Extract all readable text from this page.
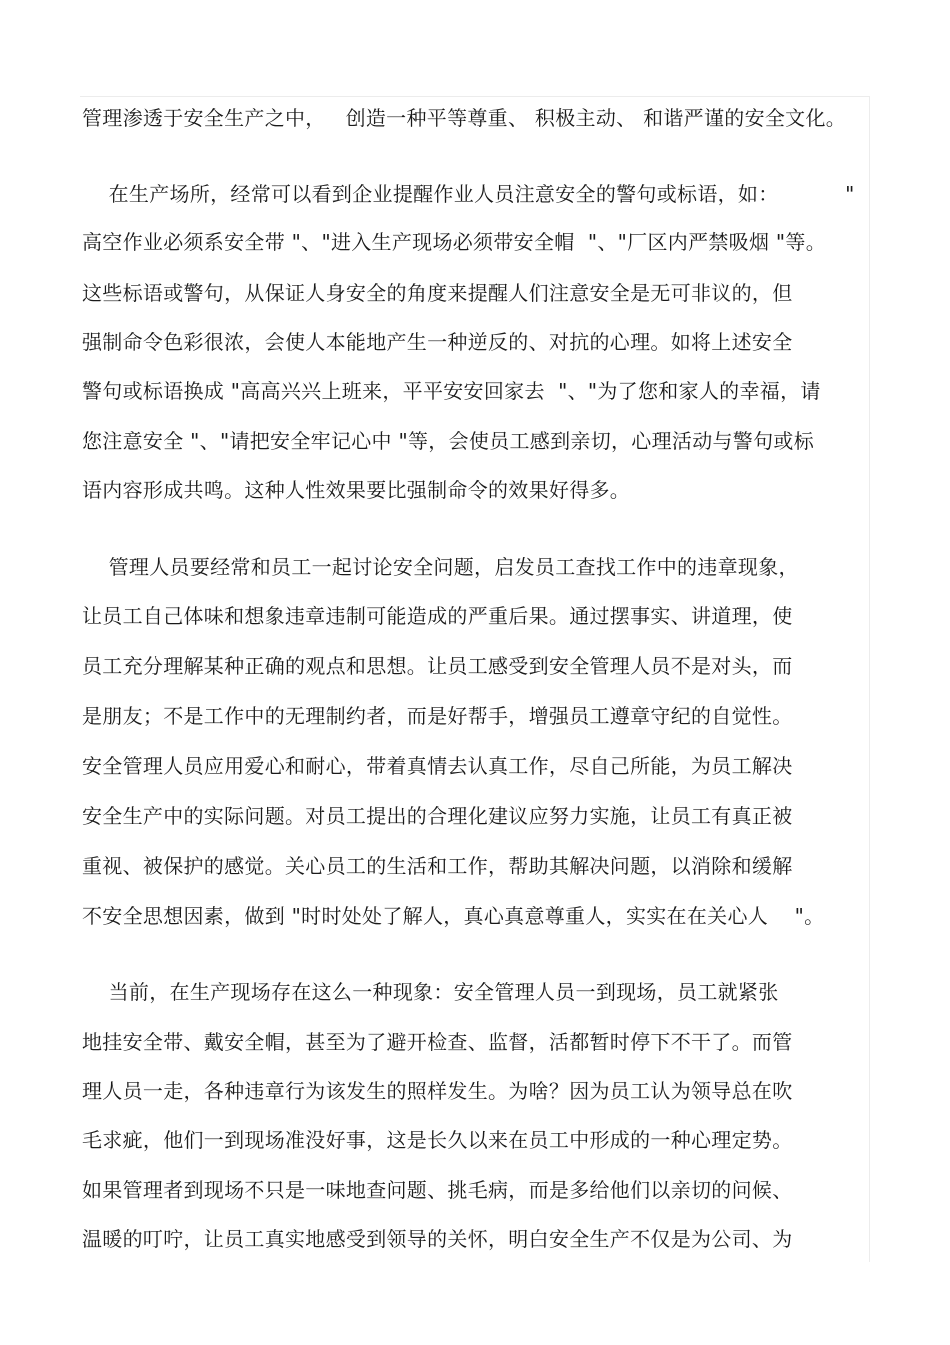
管理渗透于安全生产之中，   创造一种平等尊重、 积极主动、 和谐严谨的安全文化。
在生产场所，经常可以看到企业提醒作业人员注意安全的警句或标语，如：          "
高空作业必须系安全带 "、"进入生产现场必须带安全帽  "、"厂区内严禁吸烟 "等。
这些标语或警句，从保证人身安全的角度来提醒人们注意安全是无可非议的，但
强制命令色彩很浓，会使人本能地产生一种逆反的、对抗的心理。如将上述安全
警句或标语换成 "高高兴兴上班来，平平安安回家去  "、"为了您和家人的幸福，请
您注意安全 "、"请把安全牢记心中 "等，会使员工感到亲切，心理活动与警句或标
语内容形成共鸣。这种人性效果要比强制命令的效果好得多。
管理人员要经常和员工一起讨论安全问题，启发员工查找工作中的违章现象，
让员工自己体味和想象违章违制可能造成的严重后果。通过摆事实、讲道理，使
员工充分理解某种正确的观点和思想。让员工感受到安全管理人员不是对头，而
是朋友；不是工作中的无理制约者，而是好帮手，增强员工遵章守纪的自觉性。
安全管理人员应用爱心和耐心，带着真情去认真工作，尽自己所能，为员工解决
安全生产中的实际问题。对员工提出的合理化建议应努力实施，让员工有真正被
重视、被保护的感觉。关心员工的生活和工作，帮助其解决问题，以消除和缓解
不安全思想因素，做到 "时时处处了解人，真心真意尊重人，实实在在关心人    "。
当前，在生产现场存在这么一种现象：安全管理人员一到现场，员工就紧张
地挂安全带、戴安全帽，甚至为了避开检查、监督，活都暂时停下不干了。而管
理人员一走，各种违章行为该发生的照样发生。为啥？因为员工认为领导总在吹
毛求疵，他们一到现场准没好事，这是长久以来在员工中形成的一种心理定势。
如果管理者到现场不只是一味地查问题、挑毛病，而是多给他们以亲切的问候、
温暖的叮咛，让员工真实地感受到领导的关怀，明白安全生产不仅是为公司、为
